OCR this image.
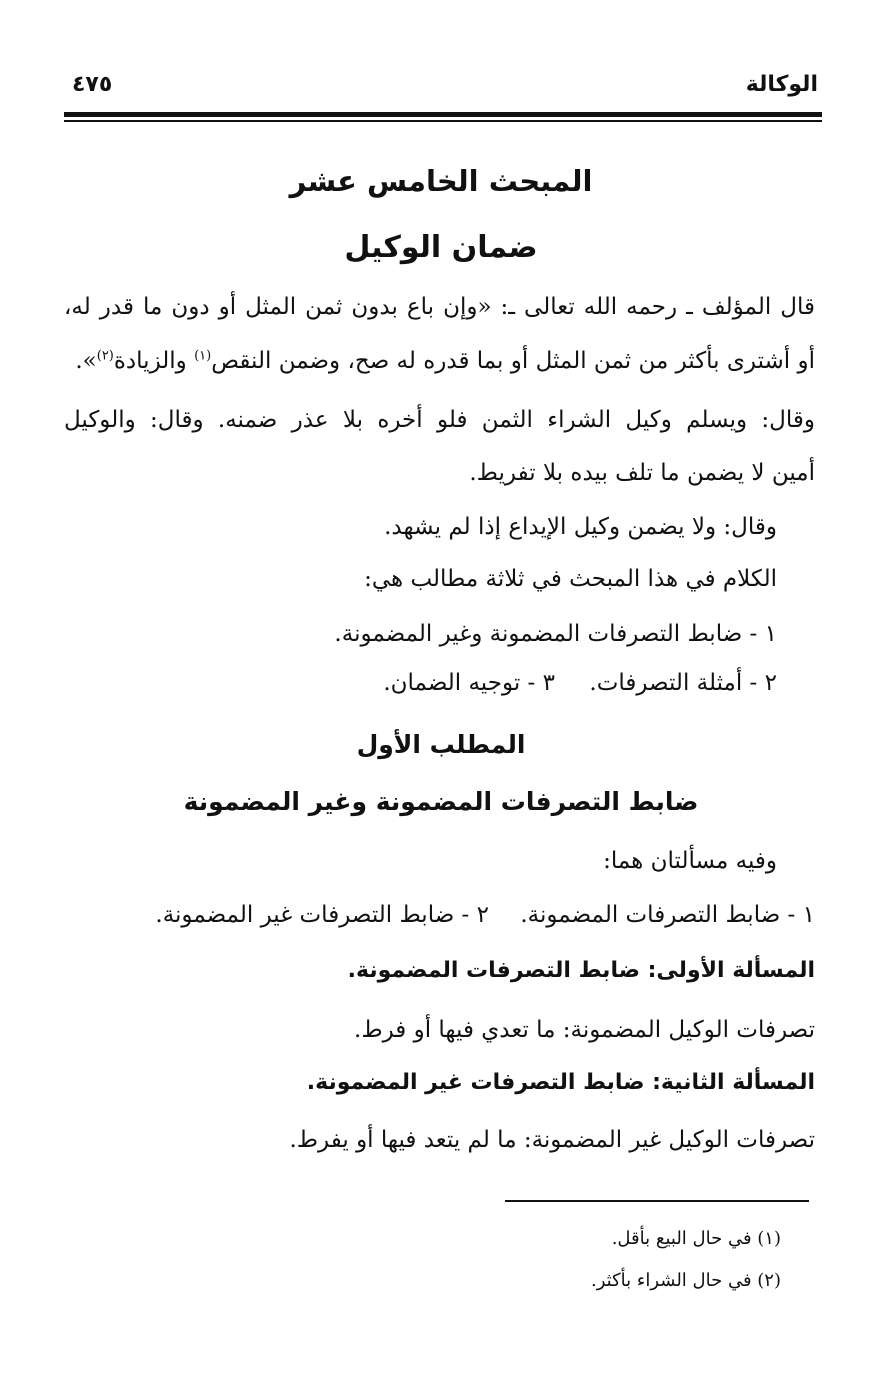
الوكالة
٤٧٥
المبحث الخامس عشر
ضمان الوكيل
قال المؤلف ـ رحمه الله تعالى ـ: «وإن باع بدون ثمن المثل أو دون ما قدر له،
أو أشترى بأكثر من ثمن المثل أو بما قدره له صح، وضمن النقص$^{(١)}$ والزيادة$^{(٢)}$».
وقال: ويسلم وكيل الشراء الثمن فلو أخره بلا عذر ضمنه. وقال: والوكيل
أمين لا يضمن ما تلف بيده بلا تفريط.
وقال: ولا يضمن وكيل الإيداع إذا لم يشهد.
الكلام في هذا المبحث في ثلاثة مطالب هي:
١ - ضابط التصرفات المضمونة وغير المضمونة.
٢ - أمثلة التصرفات.٣ - توجيه الضمان.
المطلب الأول
ضابط التصرفات المضمونة وغير المضمونة
وفيه مسألتان هما:
١ - ضابط التصرفات المضمونة.٢ - ضابط التصرفات غير المضمونة.
المسألة الأولى: ضابط التصرفات المضمونة.
تصرفات الوكيل المضمونة: ما تعدي فيها أو فرط.
المسألة الثانية: ضابط التصرفات غير المضمونة.
تصرفات الوكيل غير المضمونة: ما لم يتعد فيها أو يفرط.
(١) في حال البيع بأقل.
(٢) في حال الشراء بأكثر.
